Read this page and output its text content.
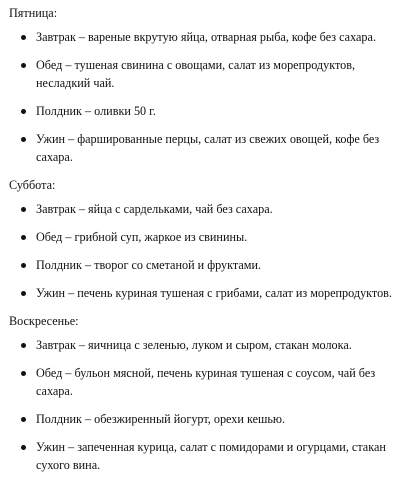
Пятница:
Завтрак – вареные вкрутую яйца, отварная рыба, кофе без сахара.
Обед – тушеная свинина с овощами, салат из морепродуктов, несладкий чай.
Полдник – оливки 50 г.
Ужин – фаршированные перцы, салат из свежих овощей, кофе без сахара.
Суббота:
Завтрак – яйца с сардельками, чай без сахара.
Обед – грибной суп, жаркое из свинины.
Полдник – творог со сметаной и фруктами.
Ужин – печень куриная тушеная с грибами, салат из морепродуктов.
Воскресенье:
Завтрак – яичница с зеленью, луком и сыром, стакан молока.
Обед – бульон мясной, печень куриная тушеная с соусом, чай без сахара.
Полдник – обезжиренный йогурт, орехи кешью.
Ужин – запеченная курица, салат с помидорами и огурцами, стакан сухого вина.
